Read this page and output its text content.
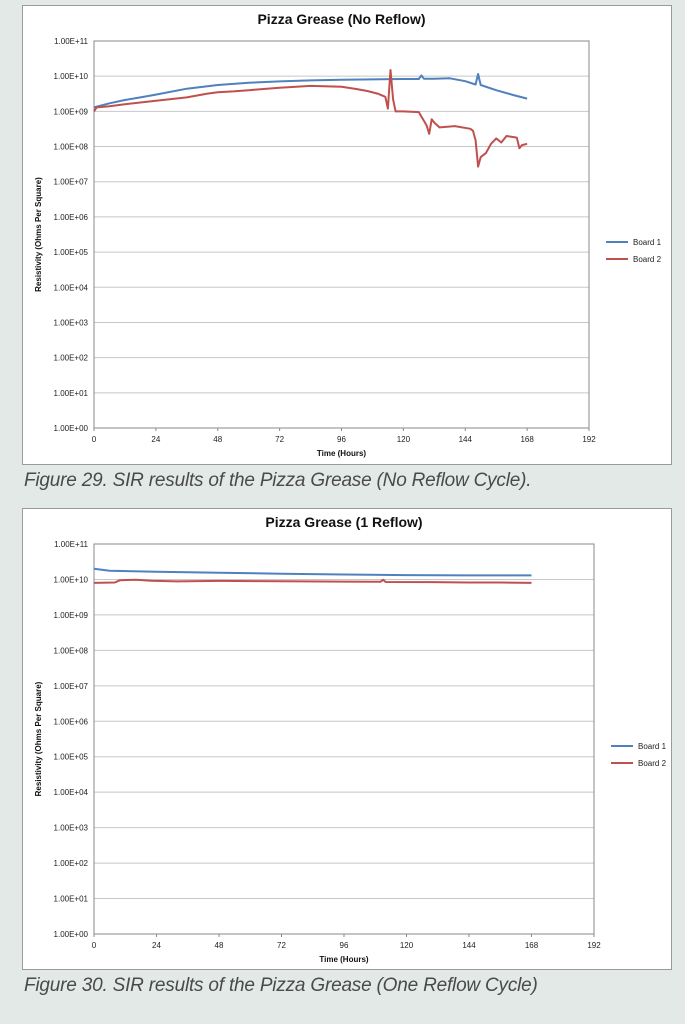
Pizza Grease (No Reflow)
1.00E+00
1.00E+01
1.00E+02
1.00E+03
1.00E+04
1.00E+05
1.00E+06
1.00E+07
1.00E+08
1.00E+09
1.00E+10
1.00E+11
0	24	48	72	96	120	144	168	192
Time (Hours)
Resistivity (Ohms Per Square)	Board 1
Board 2
Figure 29. SIR results of the Pizza Grease (No Reflow Cycle).
Pizza Grease (1 Reflow)
1.00E+00
1.00E+01
1.00E+02
1.00E+03
1.00E+04
1.00E+05
1.00E+06
1.00E+07
1.00E+08
1.00E+09
1.00E+10
1.00E+11
0	24	48	72	96	120	144	168	192
Time (Hours)
Resistivity (Ohms Per Square)	Board 1
Board 2
Figure 30. SIR results of the Pizza Grease (One Reflow Cycle)
